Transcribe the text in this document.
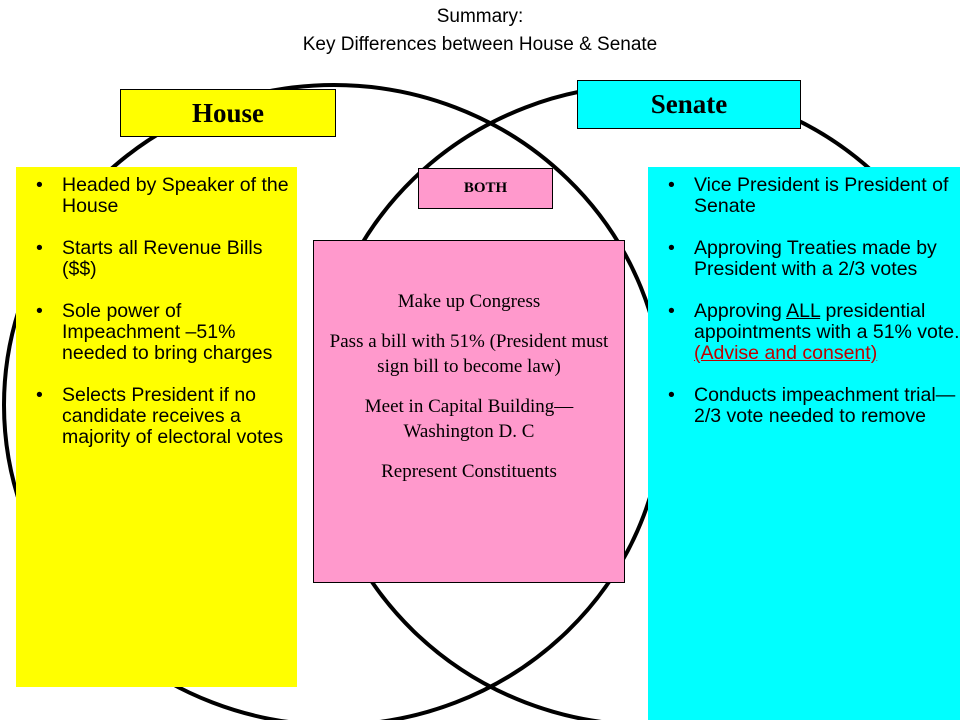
Summary:
Key Differences between House & Senate
House	Senate
BOTH
• Headed by Speaker of the House
• Starts all Revenue Bills ($$)
• Sole power of Impeachment –51% needed to bring charges
• Selects President if no candidate receives a majority of electoral votes
• Vice President is President of Senate
• Approving Treaties made by President with a 2/3 votes
• Approving ALL presidential appointments with a 51% vote. (Advise and consent)
• Conducts impeachment trial—2/3 vote needed to remove

Make up Congress

Pass a bill with 51% (President must sign bill to become law)

Meet in Capital Building—Washington D. C

Represent Constituents
